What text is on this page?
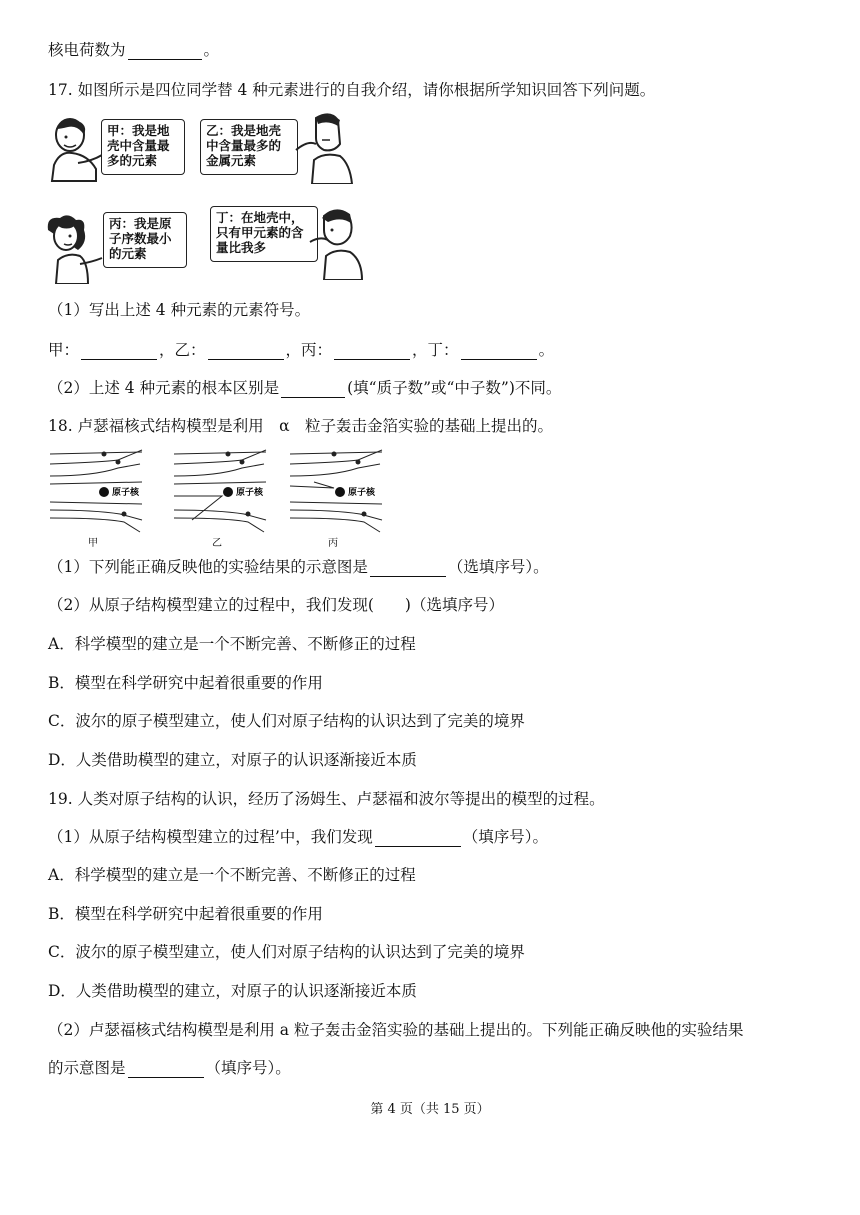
核电荷数为	。
17. 如图所示是四位同学替 4 种元素进行的自我介绍，请你根据所学知识回答下列问题。
甲：我是地壳中含量最多的元素
乙：我是地壳中含量最多的金属元素
丙：我是原子序数最小的元素
丁：在地壳中，只有甲元素的含量比我多
（1）写出上述 4 种元素的元素符号。
甲：	，乙：	，丙：	，丁：	。
（2）上述 4 种元素的根本区别是	(填“质子数”或“中子数”)不同。
18. 卢瑟福核式结构模型是利用　α　粒子轰击金箔实验的基础上提出的。
原子核
甲
原子核
乙
原子核
丙
（1）下列能正确反映他的实验结果的示意图是	（选填序号）。
（2）从原子结构模型建立的过程中，我们发现(　　)（选填序号）
A．科学模型的建立是一个不断完善、不断修正的过程
B．模型在科学研究中起着很重要的作用
C．波尔的原子模型建立，使人们对原子结构的认识达到了完美的境界
D．人类借助模型的建立，对原子的认识逐渐接近本质
19. 人类对原子结构的认识，经历了汤姆生、卢瑟福和波尔等提出的模型的过程。
（1）从原子结构模型建立的过程’中，我们发现	（填序号）。
A．科学模型的建立是一个不断完善、不断修正的过程
B．模型在科学研究中起着很重要的作用
C．波尔的原子模型建立，使人们对原子结构的认识达到了完美的境界
D．人类借助模型的建立，对原子的认识逐渐接近本质
（2）卢瑟福核式结构模型是利用 a 粒子轰击金箔实验的基础上提出的。下列能正确反映他的实验结果
的示意图是	（填序号）。
第 4 页（共 15 页）
